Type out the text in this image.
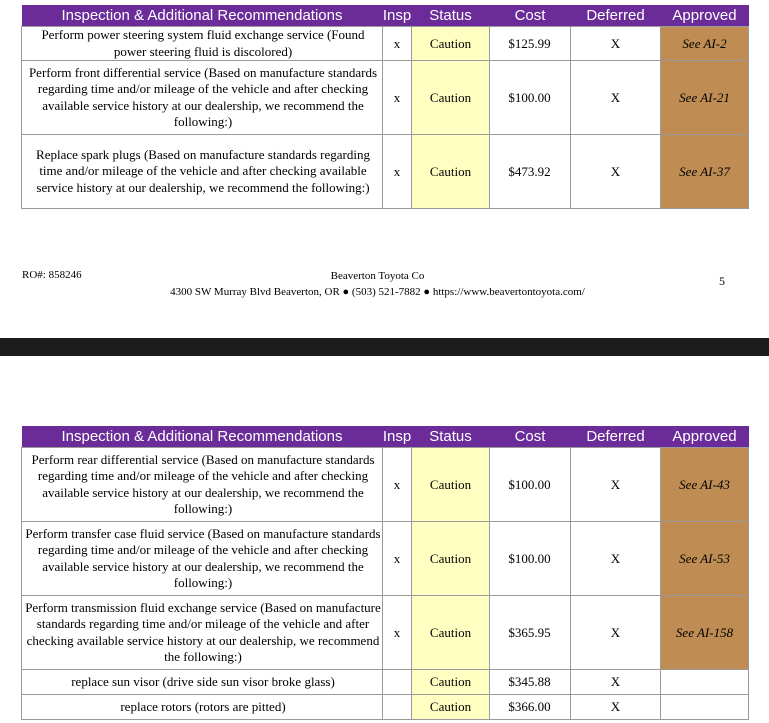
Inspection & Additional Recommendations	Insp	Status	Cost	Deferred	Approved
Perform power steering system fluid exchange service (Found power steering fluid is discolored)	x	Caution	$125.99	X	See AI-2
Perform front differential service (Based on manufacture standards regarding time and/or mileage of the vehicle and after checking available service history at our dealership, we recommend the following:)	x	Caution	$100.00	X	See AI-21
Replace spark plugs (Based on manufacture standards regarding time and/or mileage of the vehicle and after checking available service history at our dealership, we recommend the following:)	x	Caution	$473.92	X	See AI-37
RO#: 858246	Beaverton Toyota Co
4300 SW Murray Blvd Beaverton, OR ● (503) 521-7882 ● https://www.beavertontoyota.com/
5
Inspection & Additional Recommendations	Insp	Status	Cost	Deferred	Approved
Perform rear differential service (Based on manufacture standards regarding time and/or mileage of the vehicle and after checking available service history at our dealership, we recommend the following:)	x	Caution	$100.00	X	See AI-43
Perform transfer case fluid service (Based on manufacture standards regarding time and/or mileage of the vehicle and after checking available service history at our dealership, we recommend the following:)	x	Caution	$100.00	X	See AI-53
Perform transmission fluid exchange service (Based on manufacture standards regarding time and/or mileage of the vehicle and after checking available service history at our dealership, we recommend the following:)	x	Caution	$365.95	X	See AI-158
replace sun visor (drive side sun visor broke glass)		Caution	$345.88	X	
replace rotors (rotors are pitted)		Caution	$366.00	X	
